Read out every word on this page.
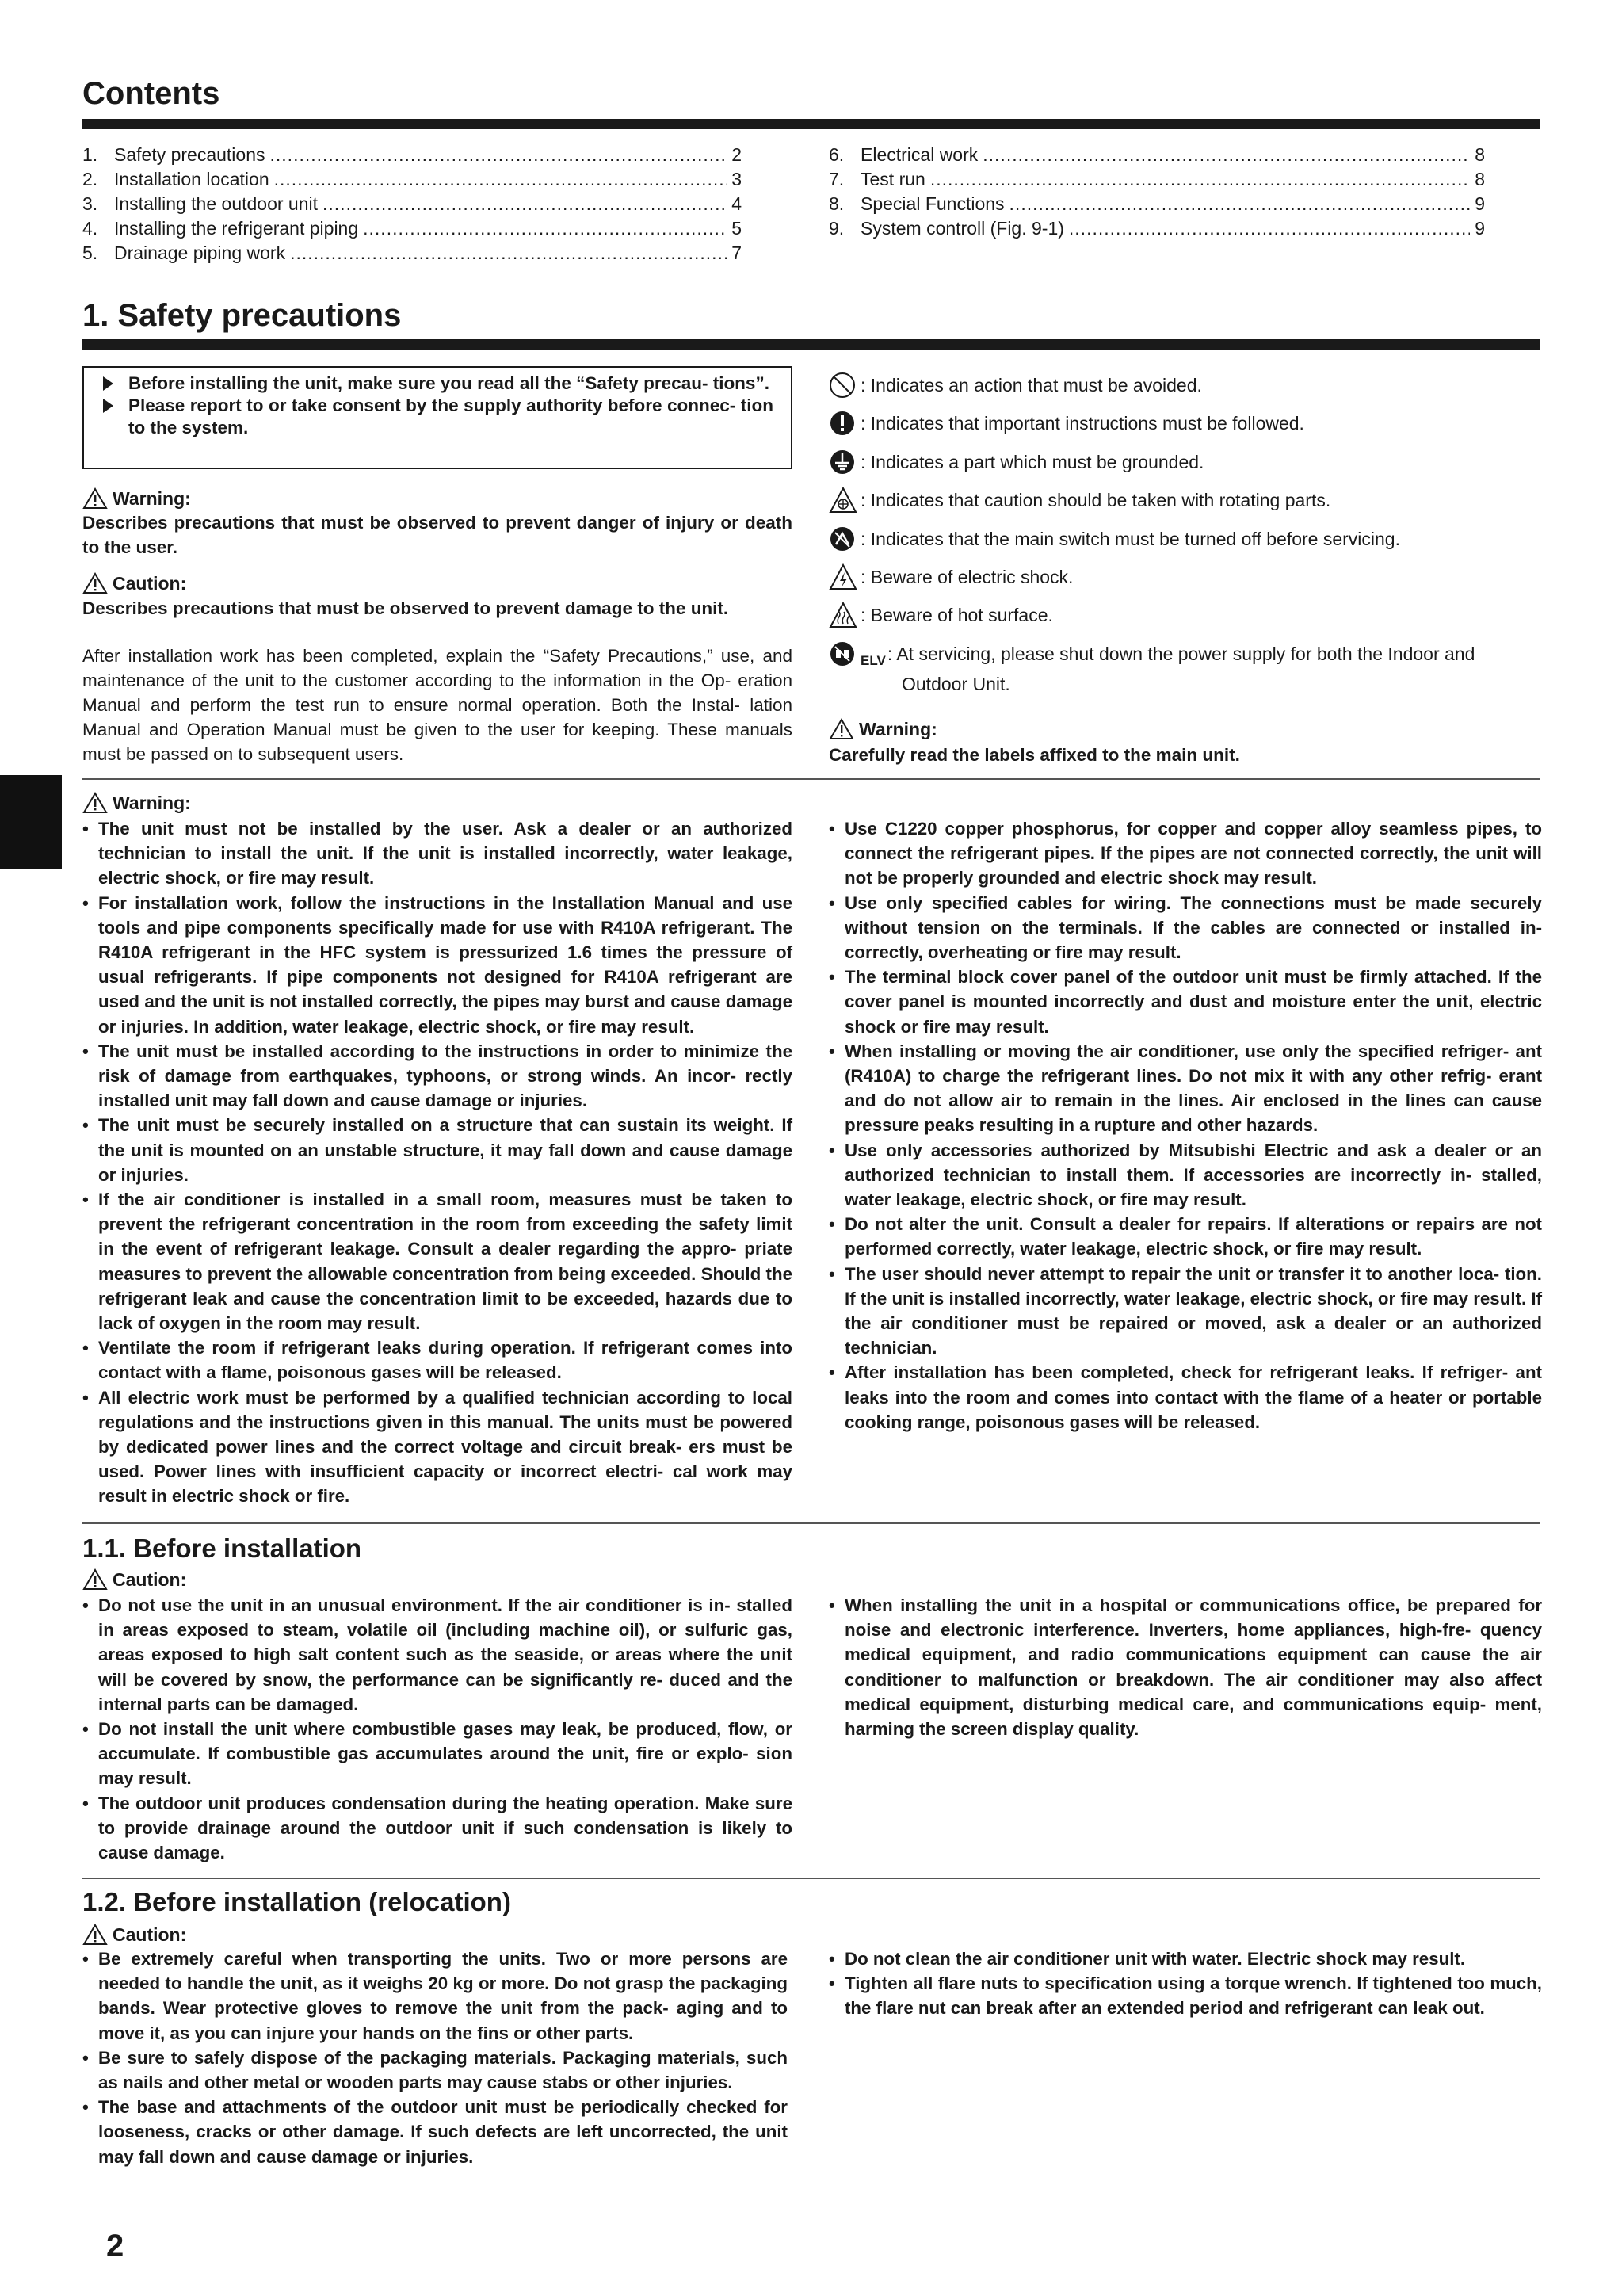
Contents
1. Safety precautions .....	2
2. Installation location .....	3
3. Installing the outdoor unit .....	4
4. Installing the refrigerant piping .....	5
5. Drainage piping work .....	7
6. Electrical work .....	8
7. Test run .....	8
8. Special Functions .....	9
9. System controll (Fig. 9-1) .....	9
1. Safety precautions
Before installing the unit, make sure you read all the “Safety precau- tions”.
Please report to or take consent by the supply authority before connec- tion to the system.
Warning:
Describes precautions that must be observed to prevent danger of injury or death to the user.
Caution:
Describes precautions that must be observed to prevent damage to the unit.
After installation work has been completed, explain the “Safety Precautions,” use, and maintenance of the unit to the customer according to the information in the Op- eration Manual and perform the test run to ensure normal operation. Both the Instal- lation Manual and Operation Manual must be given to the user for keeping. These manuals must be passed on to subsequent users.
: Indicates an action that must be avoided.
: Indicates that important instructions must be followed.
: Indicates a part which must be grounded.
: Indicates that caution should be taken with rotating parts.
: Indicates that the main switch must be turned off before servicing.
: Beware of electric shock.
: Beware of hot surface.
ELV : At servicing, please shut down the power supply for both the Indoor and
Outdoor Unit.
Warning:
Carefully read the labels affixed to the main unit.
Warning:
• The unit must not be installed by the user. Ask a dealer or an authorized technician to install the unit. If the unit is installed incorrectly, water leakage, electric shock, or fire may result.
• For installation work, follow the instructions in the Installation Manual and use tools and pipe components specifically made for use with R410A refrigerant. The R410A refrigerant in the HFC system is pressurized 1.6 times the pressure of usual refrigerants. If pipe components not designed for R410A refrigerant are used and the unit is not installed correctly, the pipes may burst and cause damage or injuries. In addition, water leakage, electric shock, or fire may result.
• The unit must be installed according to the instructions in order to minimize the risk of damage from earthquakes, typhoons, or strong winds. An incor- rectly installed unit may fall down and cause damage or injuries.
• The unit must be securely installed on a structure that can sustain its weight. If the unit is mounted on an unstable structure, it may fall down and cause damage or injuries.
• If the air conditioner is installed in a small room, measures must be taken to prevent the refrigerant concentration in the room from exceeding the safety limit in the event of refrigerant leakage. Consult a dealer regarding the appro- priate measures to prevent the allowable concentration from being exceeded. Should the refrigerant leak and cause the concentration limit to be exceeded, hazards due to lack of oxygen in the room may result.
• Ventilate the room if refrigerant leaks during operation. If refrigerant comes into contact with a flame, poisonous gases will be released.
• All electric work must be performed by a qualified technician according to local regulations and the instructions given in this manual. The units must be powered by dedicated power lines and the correct voltage and circuit break- ers must be used. Power lines with insufficient capacity or incorrect electri- cal work may result in electric shock or fire.
• Use C1220 copper phosphorus, for copper and copper alloy seamless pipes, to connect the refrigerant pipes. If the pipes are not connected correctly, the unit will not be properly grounded and electric shock may result.
• Use only specified cables for wiring. The connections must be made securely without tension on the terminals. If the cables are connected or installed in- correctly, overheating or fire may result.
• The terminal block cover panel of the outdoor unit must be firmly attached. If the cover panel is mounted incorrectly and dust and moisture enter the unit, electric shock or fire may result.
• When installing or moving the air conditioner, use only the specified refriger- ant (R410A) to charge the refrigerant lines. Do not mix it with any other refrig- erant and do not allow air to remain in the lines. Air enclosed in the lines can cause pressure peaks resulting in a rupture and other hazards.
• Use only accessories authorized by Mitsubishi Electric and ask a dealer or an authorized technician to install them. If accessories are incorrectly in- stalled, water leakage, electric shock, or fire may result.
• Do not alter the unit. Consult a dealer for repairs. If alterations or repairs are not performed correctly, water leakage, electric shock, or fire may result.
• The user should never attempt to repair the unit or transfer it to another loca- tion. If the unit is installed incorrectly, water leakage, electric shock, or fire may result. If the air conditioner must be repaired or moved, ask a dealer or an authorized technician.
• After installation has been completed, check for refrigerant leaks. If refriger- ant leaks into the room and comes into contact with the flame of a heater or portable cooking range, poisonous gases will be released.
1.1. Before installation
Caution:
• Do not use the unit in an unusual environment. If the air conditioner is in- stalled in areas exposed to steam, volatile oil (including machine oil), or sulfuric gas, areas exposed to high salt content such as the seaside, or areas where the unit will be covered by snow, the performance can be significantly re- duced and the internal parts can be damaged.
• Do not install the unit where combustible gases may leak, be produced, flow, or accumulate. If combustible gas accumulates around the unit, fire or explo- sion may result.
• The outdoor unit produces condensation during the heating operation. Make sure to provide drainage around the outdoor unit if such condensation is likely to cause damage.
• When installing the unit in a hospital or communications office, be prepared for noise and electronic interference. Inverters, home appliances, high-fre- quency medical equipment, and radio communications equipment can cause the air conditioner to malfunction or breakdown. The air conditioner may also affect medical equipment, disturbing medical care, and communications equip- ment, harming the screen display quality.
1.2. Before installation (relocation)
Caution:
• Be extremely careful when transporting the units. Two or more persons are needed to handle the unit, as it weighs 20 kg or more. Do not grasp the packaging bands. Wear protective gloves to remove the unit from the pack- aging and to move it, as you can injure your hands on the fins or other parts.
• Be sure to safely dispose of the packaging materials. Packaging materials, such as nails and other metal or wooden parts may cause stabs or other injuries.
• The base and attachments of the outdoor unit must be periodically checked for looseness, cracks or other damage. If such defects are left uncorrected, the unit may fall down and cause damage or injuries.
• Do not clean the air conditioner unit with water. Electric shock may result.
• Tighten all flare nuts to specification using a torque wrench. If tightened too much, the flare nut can break after an extended period and refrigerant can leak out.
2
